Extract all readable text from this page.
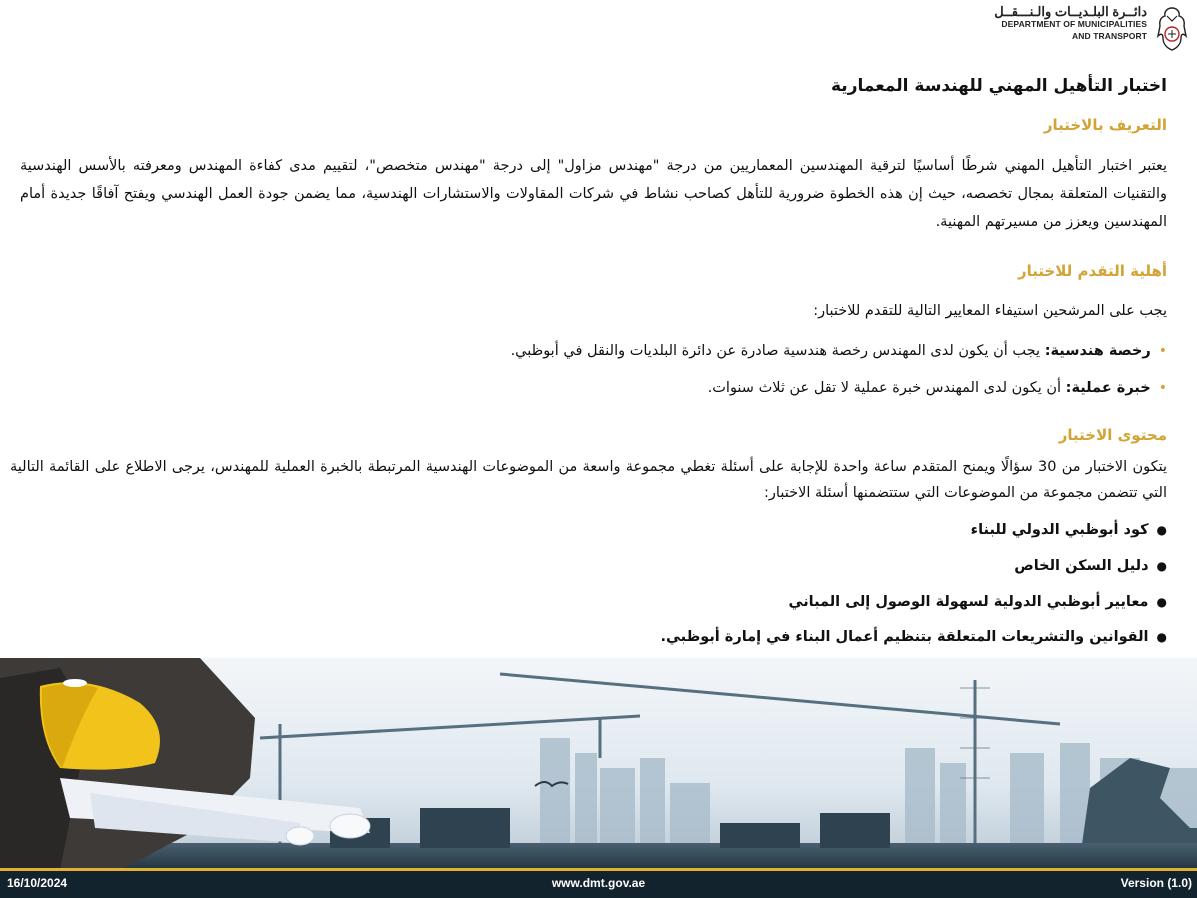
دائــرة البلـديــات والـنـــقــل
DEPARTMENT OF MUNICIPALITIES
AND TRANSPORT
اختبار التأهيل المهني للهندسة المعمارية
التعريف بالاختبار

يعتبر اختبار التأهيل المهني شرطًا أساسيًا لترقية المهندسين المعماريين من درجة "مهندس مزاول" إلى درجة "مهندس متخصص"، لتقييم مدى كفاءة المهندس ومعرفته بالأسس الهندسية والتقنيات المتعلقة بمجال تخصصه، حيث إن هذه الخطوة ضرورية للتأهل كصاحب نشاط في شركات المقاولات والاستشارات الهندسية، مما يضمن جودة العمل الهندسي ويفتح آفاقًا جديدة أمام المهندسين ويعزز من مسيرتهم المهنية.

أهلية التقدم للاختبار

يجب على المرشحين استيفاء المعايير التالية للتقدم للاختبار:

•رخصة هندسية: يجب أن يكون لدى المهندس رخصة هندسية صادرة عن دائرة البلديات والنقل في أبوظبي.

•خبرة عملية: أن يكون لدى المهندس خبرة عملية لا تقل عن ثلاث سنوات.

محتوى الاختبار

يتكون الاختبار من 30 سؤالًا ويمنح المتقدم ساعة واحدة للإجابة على أسئلة تغطي مجموعة واسعة من الموضوعات الهندسية المرتبطة بالخبرة العملية للمهندس، يرجى الاطلاع على القائمة التالية التي تتضمن مجموعة من الموضوعات التي ستتضمنها أسئلة الاختبار:

●كود أبوظبي الدولي للبناء

●دليل السكن الخاص

●معايير أبوظبي الدولية لسهولة الوصول إلى المباني

●القوانين والتشريعات المتعلقة بتنظيم أعمال البناء في إمارة أبوظبي.

16/10/2024	www.dmt.gov.ae	Version (1.0)
